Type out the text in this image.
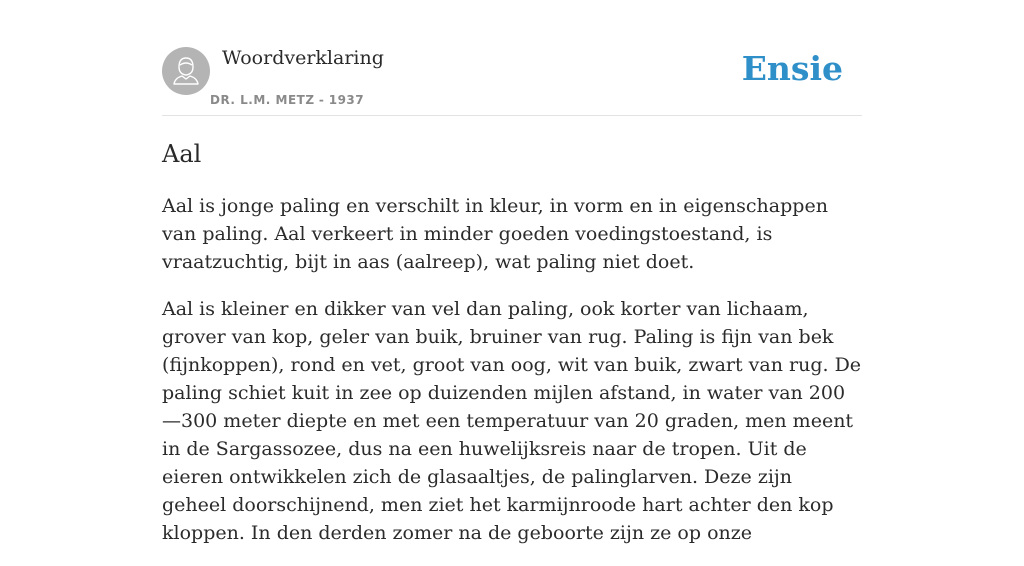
Woordverklaring
DR. L.M. METZ - 1937
Ensie
Aal

Aal is jonge paling en verschilt in kleur, in vorm en in eigenschappen van paling. Aal verkeert in minder goeden voedingstoestand, is vraatzuchtig, bijt in aas (aalreep), wat paling niet doet.

Aal is kleiner en dikker van vel dan paling, ook korter van lichaam, grover van kop, geler van buik, bruiner van rug. Paling is fijn van bek (fijnkoppen), rond en vet, groot van oog, wit van buik, zwart van rug. De paling schiet kuit in zee op duizenden mijlen afstand, in water van 200—300 meter diepte en met een temperatuur van 20 graden, men meent in de Sargassozee, dus na een huwelijksreis naar de tropen. Uit de eieren ontwikkelen zich de glasaaltjes, de palinglarven. Deze zijn geheel doorschijnend, men ziet het karmijnroode hart achter den kop kloppen. In den derden zomer na de geboorte zijn ze op onze
